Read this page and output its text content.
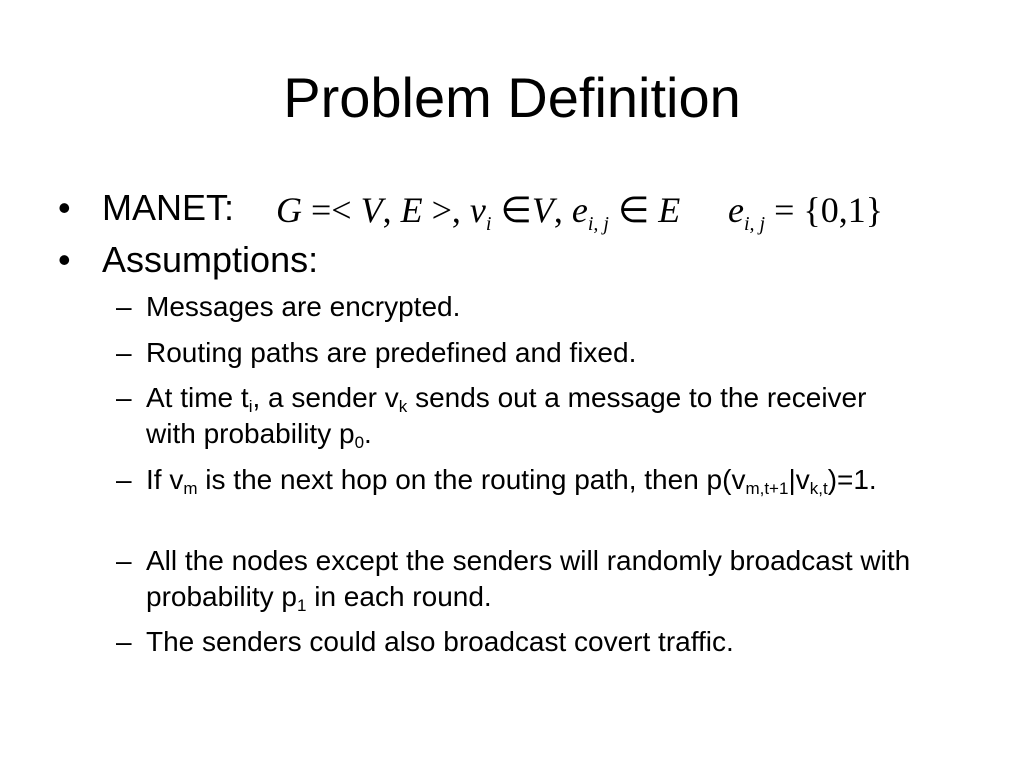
Problem Definition
• MANET: G =< V, E >, $v_i$ ∈V, $e_{i, j}$ ∈ E $e_{i, j} = \{0,1\}$
• Assumptions:
– Messages are encrypted.
– Routing paths are predefined and fixed.
– At time $t_i$, a sender $v_k$ sends out a message to the receiver with probability $p_0$.
– If $v_m$ is the next hop on the routing path, then $p(v_{m,t+1}|v_{k,t})=1$.
– All the nodes except the senders will randomly broadcast with probability $p_1$ in each round.
– The senders could also broadcast covert traffic.
